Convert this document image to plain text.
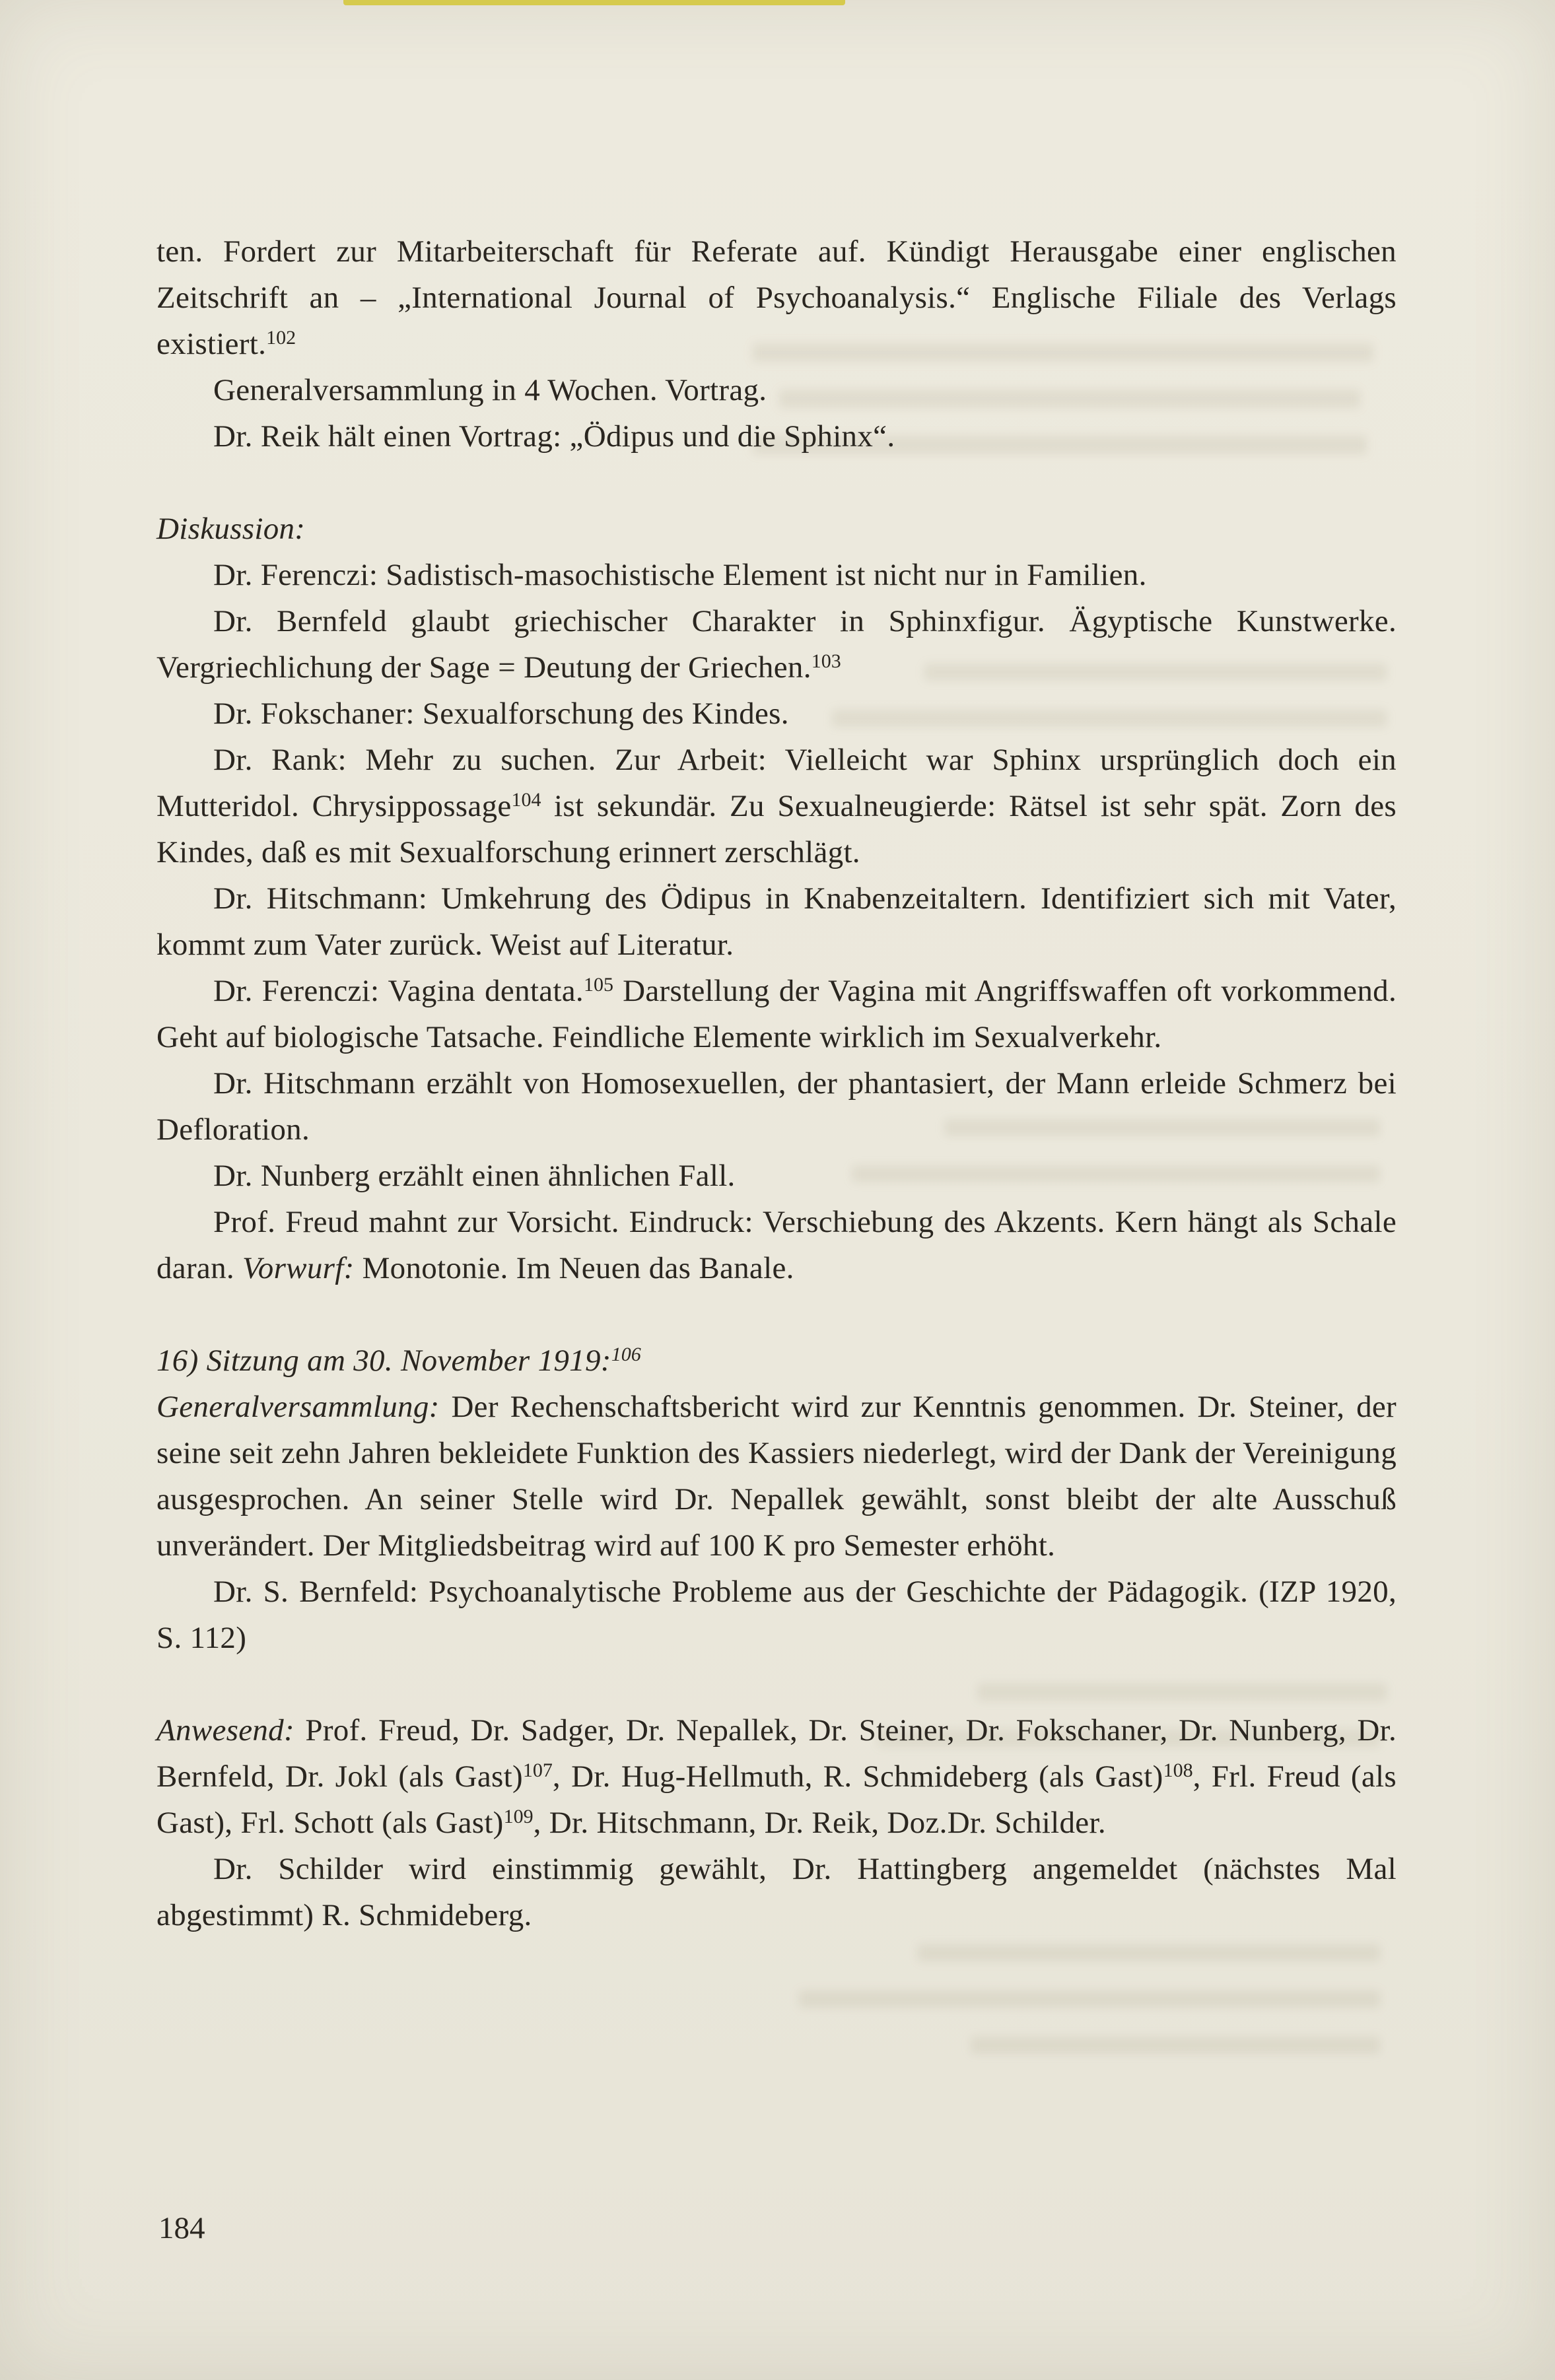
ten. Fordert zur Mitarbeiterschaft für Referate auf. Kündigt Herausgabe einer englischen Zeitschrift an – „International Journal of Psychoanalysis.“ Englische Filiale des Verlags existiert.$^{102}$

Generalversammlung in 4 Wochen. Vortrag.

Dr. Reik hält einen Vortrag: „Ödipus und die Sphinx“.

Diskussion:

Dr. Ferenczi: Sadistisch-masochistische Element ist nicht nur in Familien.

Dr. Bernfeld glaubt griechischer Charakter in Sphinxfigur. Ägyptische Kunstwerke. Vergriechlichung der Sage = Deutung der Griechen.$^{103}$

Dr. Fokschaner: Sexualforschung des Kindes.

Dr. Rank: Mehr zu suchen. Zur Arbeit: Vielleicht war Sphinx ursprünglich doch ein Mutteridol. Chrysippossage$^{104}$ ist sekundär. Zu Sexualneugierde: Rätsel ist sehr spät. Zorn des Kindes, daß es mit Sexualforschung erinnert zerschlägt.

Dr. Hitschmann: Umkehrung des Ödipus in Knabenzeitaltern. Identifiziert sich mit Vater, kommt zum Vater zurück. Weist auf Literatur.

Dr. Ferenczi: Vagina dentata.$^{105}$ Darstellung der Vagina mit Angriffswaffen oft vorkommend. Geht auf biologische Tatsache. Feindliche Elemente wirklich im Sexualverkehr.

Dr. Hitschmann erzählt von Homosexuellen, der phantasiert, der Mann erleide Schmerz bei Defloration.

Dr. Nunberg erzählt einen ähnlichen Fall.

Prof. Freud mahnt zur Vorsicht. Eindruck: Verschiebung des Akzents. Kern hängt als Schale daran. Vorwurf: Monotonie. Im Neuen das Banale.

16) Sitzung am 30. November 1919:$^{106}$

Generalversammlung: Der Rechenschaftsbericht wird zur Kenntnis genommen. Dr. Steiner, der seine seit zehn Jahren bekleidete Funktion des Kassiers niederlegt, wird der Dank der Vereinigung ausgesprochen. An seiner Stelle wird Dr. Nepallek gewählt, sonst bleibt der alte Ausschuß unverändert. Der Mitgliedsbeitrag wird auf 100 K pro Semester erhöht.

Dr. S. Bernfeld: Psychoanalytische Probleme aus der Geschichte der Pädagogik. (IZP 1920, S. 112)

Anwesend: Prof. Freud, Dr. Sadger, Dr. Nepallek, Dr. Steiner, Dr. Fokschaner, Dr. Nunberg, Dr. Bernfeld, Dr. Jokl (als Gast)$^{107}$, Dr. Hug-Hellmuth, R. Schmideberg (als Gast)$^{108}$, Frl. Freud (als Gast), Frl. Schott (als Gast)$^{109}$, Dr. Hitschmann, Dr. Reik, Doz.Dr. Schilder.

Dr. Schilder wird einstimmig gewählt, Dr. Hattingberg angemeldet (nächstes Mal abgestimmt) R. Schmideberg.

184
